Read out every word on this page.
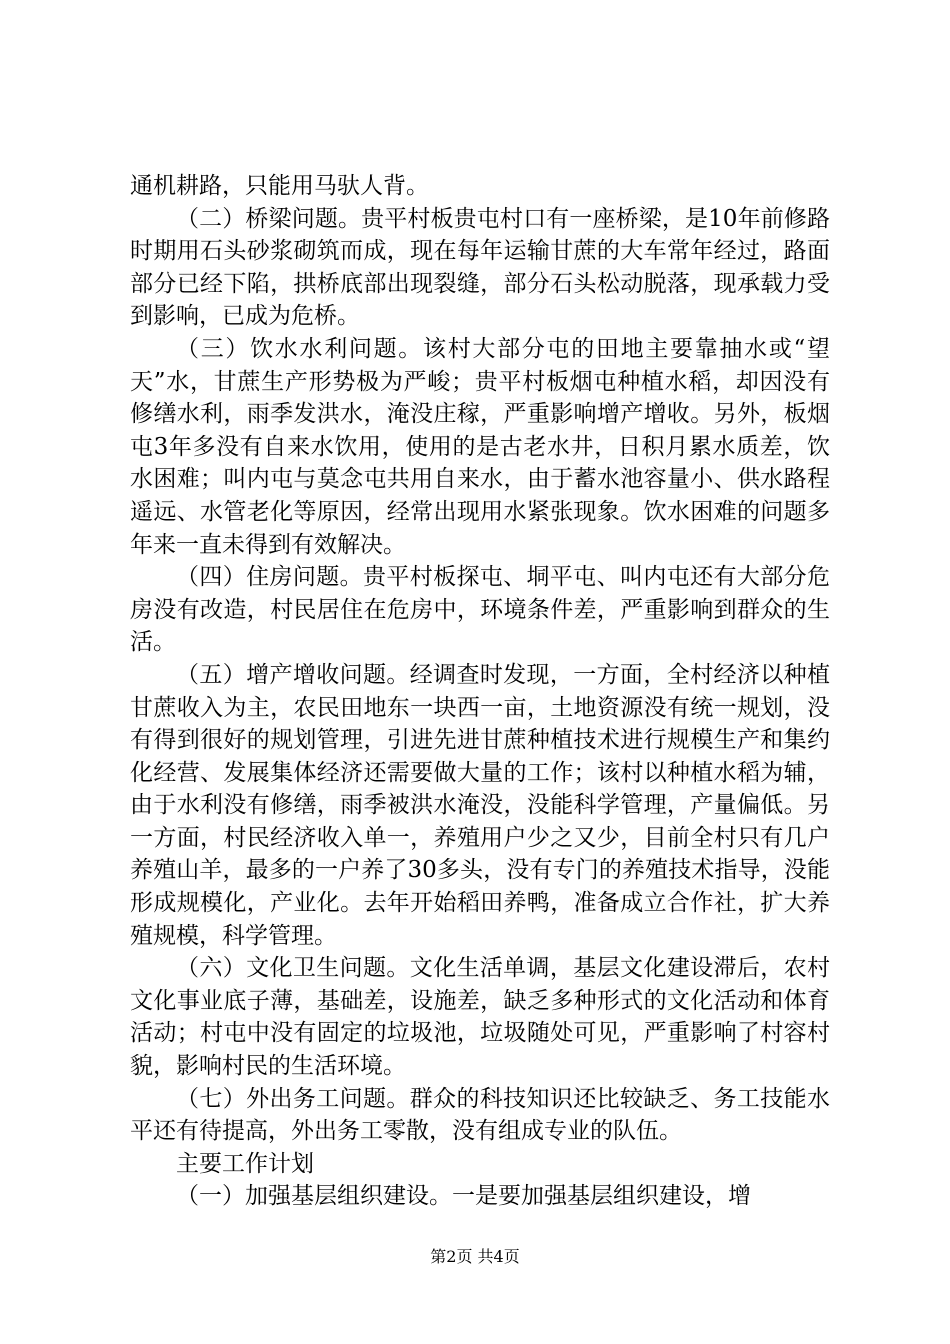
通机耕路，只能用马驮人背。

（二）桥梁问题。贵平村板贵屯村口有一座桥梁，是10年前修路时期用石头砂浆砌筑而成，现在每年运输甘蔗的大车常年经过，路面部分已经下陷，拱桥底部出现裂缝，部分石头松动脱落，现承载力受到影响，已成为危桥。

（三）饮水水利问题。该村大部分屯的田地主要靠抽水或“望天”水，甘蔗生产形势极为严峻；贵平村板烟屯种植水稻，却因没有修缮水利，雨季发洪水，淹没庄稼，严重影响增产增收。另外，板烟屯3年多没有自来水饮用，使用的是古老水井，日积月累水质差，饮水困难；叫内屯与莫念屯共用自来水，由于蓄水池容量小、供水路程遥远、水管老化等原因，经常出现用水紧张现象。饮水困难的问题多年来一直未得到有效解决。

（四）住房问题。贵平村板探屯、垌平屯、叫内屯还有大部分危房没有改造，村民居住在危房中，环境条件差，严重影响到群众的生活。

（五）增产增收问题。经调查时发现，一方面，全村经济以种植甘蔗收入为主，农民田地东一块西一亩，土地资源没有统一规划，没有得到很好的规划管理，引进先进甘蔗种植技术进行规模生产和集约化经营、发展集体经济还需要做大量的工作；该村以种植水稻为辅，由于水利没有修缮，雨季被洪水淹没，没能科学管理，产量偏低。另一方面，村民经济收入单一，养殖用户少之又少，目前全村只有几户养殖山羊，最多的一户养了30多头，没有专门的养殖技术指导，没能形成规模化，产业化。去年开始稻田养鸭，准备成立合作社，扩大养殖规模，科学管理。

（六）文化卫生问题。文化生活单调，基层文化建设滞后，农村文化事业底子薄，基础差，设施差，缺乏多种形式的文化活动和体育活动；村屯中没有固定的垃圾池，垃圾随处可见，严重影响了村容村貌，影响村民的生活环境。

（七）外出务工问题。群众的科技知识还比较缺乏、务工技能水平还有待提高，外出务工零散，没有组成专业的队伍。

主要工作计划

（一）加强基层组织建设。一是要加强基层组织建设，增

第2页 共4页
